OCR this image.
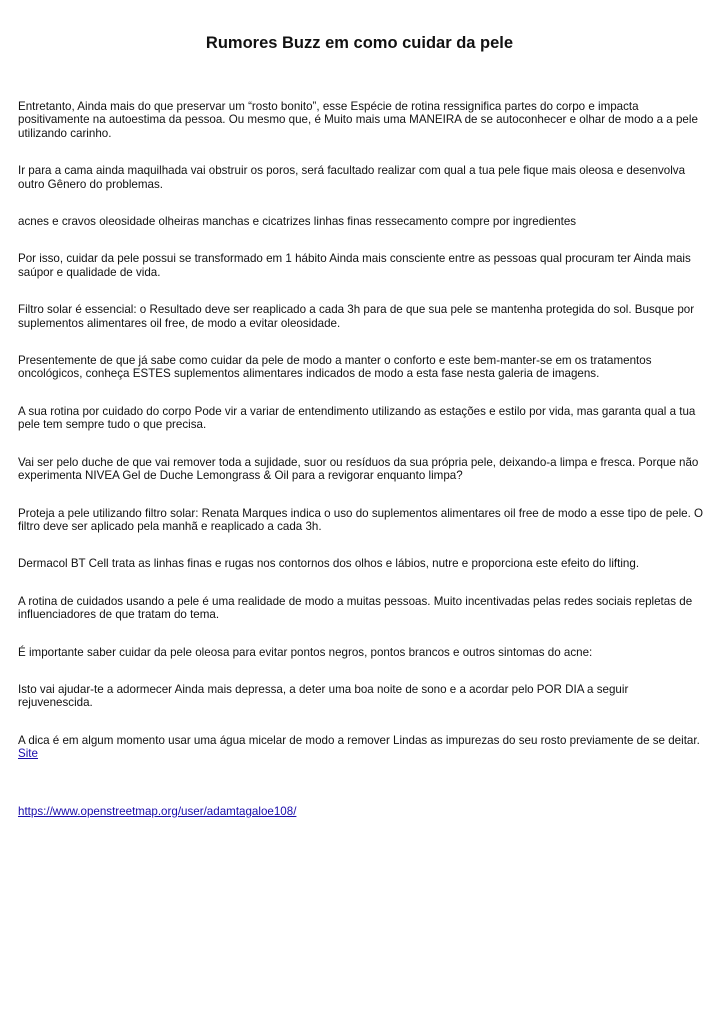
Rumores Buzz em como cuidar da pele

Entretanto, Ainda mais do que preservar um “rosto bonito”, esse Espécie de rotina ressignifica partes do corpo e impacta positivamente na autoestima da pessoa. Ou mesmo que, é Muito mais uma MANEIRA de se autoconhecer e olhar de modo a a pele utilizando carinho.

Ir para a cama ainda maquilhada vai obstruir os poros, será facultado realizar com qual a tua pele fique mais oleosa e desenvolva outro Gênero do problemas.

acnes e cravos oleosidade olheiras manchas e cicatrizes linhas finas ressecamento compre por ingredientes

Por isso, cuidar da pele possui se transformado em 1 hábito Ainda mais consciente entre as pessoas qual procuram ter Ainda mais saúpor e qualidade de vida.

Filtro solar é essencial: o Resultado deve ser reaplicado a cada 3h para de que sua pele se mantenha protegida do sol. Busque por suplementos alimentares oil free, de modo a evitar oleosidade.

Presentemente de que já sabe como cuidar da pele de modo a manter o conforto e este bem-manter-se em os tratamentos oncológicos, conheça ESTES suplementos alimentares indicados de modo a esta fase nesta galeria de imagens.

A sua rotina por cuidado do corpo Pode vir a variar de entendimento utilizando as estações e estilo por vida, mas garanta qual a tua pele tem sempre tudo o que precisa.

Vai ser pelo duche de que vai remover toda a sujidade, suor ou resíduos da sua própria pele, deixando-a limpa e fresca. Porque não experimenta NIVEA Gel de Duche Lemongrass & Oil para a revigorar enquanto limpa?

Proteja a pele utilizando filtro solar: Renata Marques indica o uso do suplementos alimentares oil free de modo a esse tipo de pele. O filtro deve ser aplicado pela manhã e reaplicado a cada 3h.

Dermacol BT Cell trata as linhas finas e rugas nos contornos dos olhos e lábios, nutre e proporciona este efeito do lifting.

A rotina de cuidados usando a pele é uma realidade de modo a muitas pessoas. Muito incentivadas pelas redes sociais repletas de influenciadores de que tratam do tema.

É importante saber cuidar da pele oleosa para evitar pontos negros, pontos brancos e outros sintomas do acne:

Isto vai ajudar-te a adormecer Ainda mais depressa, a deter uma boa noite de sono e a acordar pelo POR DIA a seguir rejuvenescida.

A dica é em algum momento usar uma água micelar de modo a remover Lindas as impurezas do seu rosto previamente de se deitar. Site

https://www.openstreetmap.org/user/adamtagaloe108/
